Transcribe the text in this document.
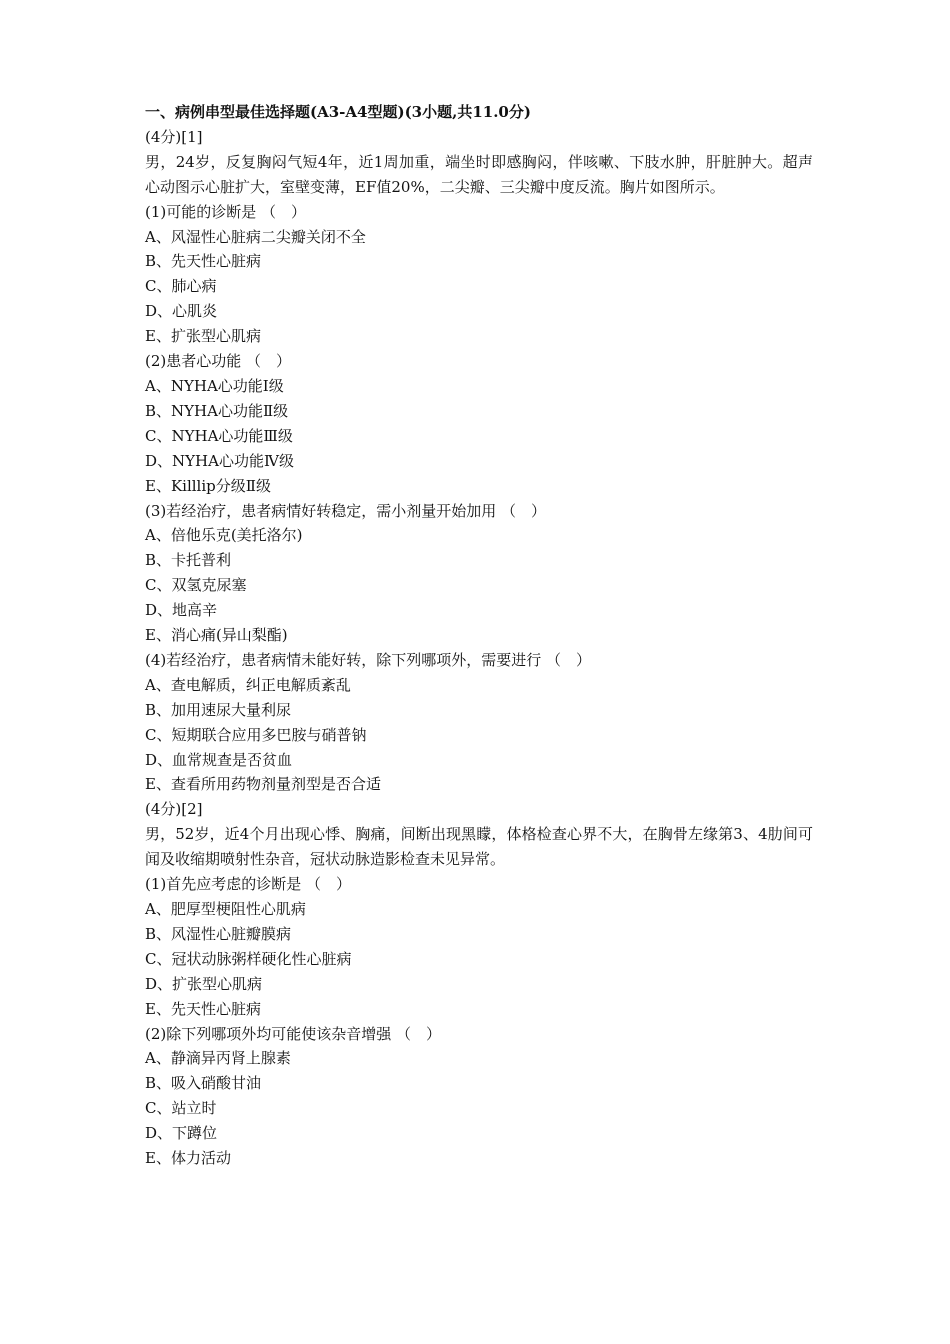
一、病例串型最佳选择题(A3-A4型题)(3小题,共11.0分)

(4分)[1]

男，24岁，反复胸闷气短4年，近1周加重，端坐时即感胸闷，伴咳嗽、下肢水肿，肝脏肿大。超声心动图示心脏扩大，室壁变薄，EF值20%，二尖瓣、三尖瓣中度反流。胸片如图所示。

(1)可能的诊断是 （　）

A、风湿性心脏病二尖瓣关闭不全

B、先天性心脏病

C、肺心病

D、心肌炎

E、扩张型心肌病

(2)患者心功能 （　）

A、NYHA心功能Ⅰ级

B、NYHA心功能Ⅱ级

C、NYHA心功能Ⅲ级

D、NYHA心功能Ⅳ级

E、Killlip分级Ⅱ级

(3)若经治疗，患者病情好转稳定，需小剂量开始加用 （　）

A、倍他乐克(美托洛尔)

B、卡托普利

C、双氢克尿塞

D、地高辛

E、消心痛(异山梨酯)

(4)若经治疗，患者病情未能好转，除下列哪项外，需要进行 （　）

A、查电解质，纠正电解质紊乱

B、加用速尿大量利尿

C、短期联合应用多巴胺与硝普钠

D、血常规查是否贫血

E、查看所用药物剂量剂型是否合适

(4分)[2]

男，52岁，近4个月出现心悸、胸痛，间断出现黑矇，体格检查心界不大，在胸骨左缘第3、4肋间可闻及收缩期喷射性杂音，冠状动脉造影检查未见异常。

(1)首先应考虑的诊断是 （　）

A、肥厚型梗阻性心肌病

B、风湿性心脏瓣膜病

C、冠状动脉粥样硬化性心脏病

D、扩张型心肌病

E、先天性心脏病

(2)除下列哪项外均可能使该杂音增强 （　）

A、静滴异丙肾上腺素

B、吸入硝酸甘油

C、站立时

D、下蹲位

E、体力活动
